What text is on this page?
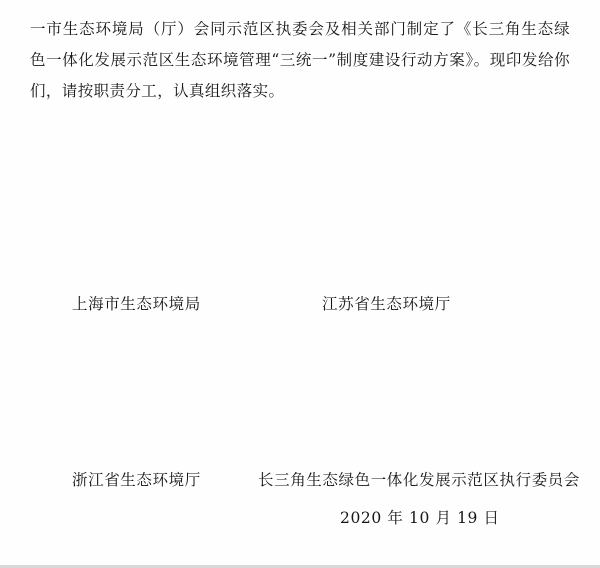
一市生态环境局（厅）会同示范区执委会及相关部门制定了《长三角生态绿色一体化发展示范区生态环境管理“三统一”制度建设行动方案》。现印发给你们，请按职责分工，认真组织落实。
上海市生态环境局	江苏省生态环境厅
浙江省生态环境厅	长三角生态绿色一体化发展示范区执行委员会
2020 年 10 月 19 日
